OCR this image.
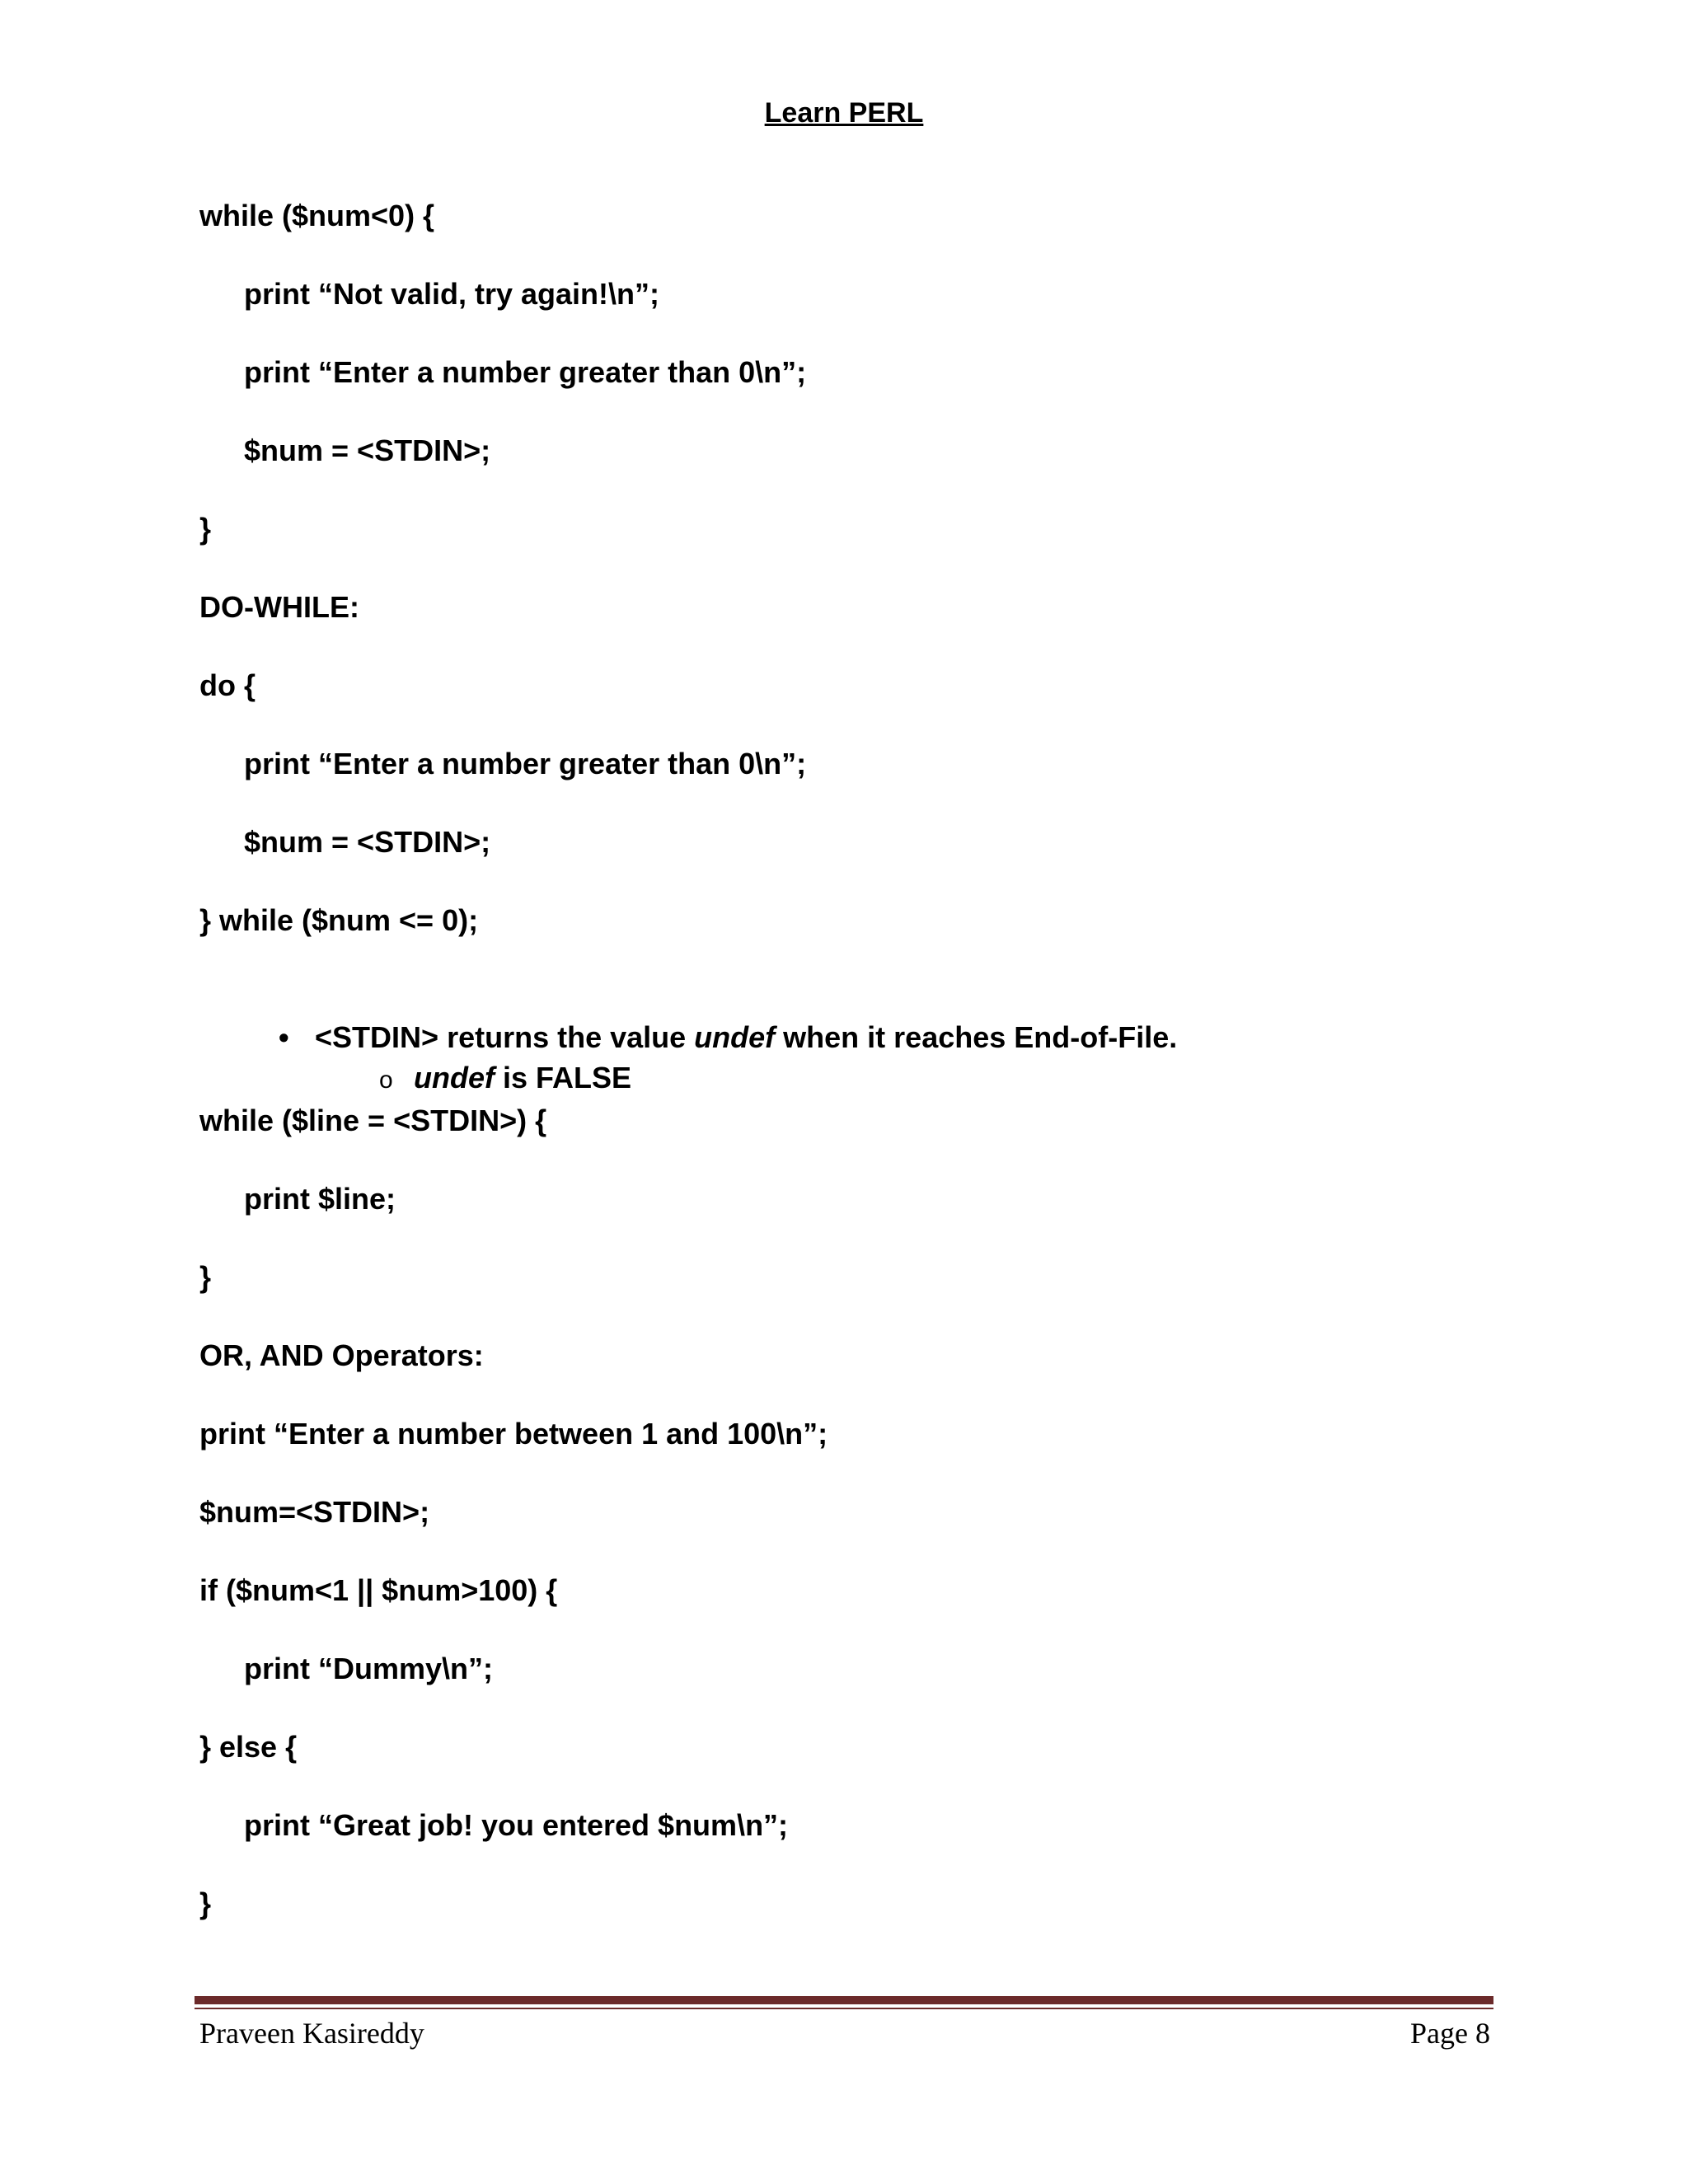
Learn PERL
while ($num<0) {
print “Not valid, try again!\n”;
print “Enter a number greater than 0\n”;
$num = <STDIN>;
}
DO-WHILE:
do {
print “Enter a number greater than 0\n”;
$num = <STDIN>;
} while ($num <= 0);

• <STDIN> returns the value undef when it reaches End-of-File.

o undef is FALSE

while ($line = <STDIN>) {
print $line;
}
OR, AND Operators:
print “Enter a number between 1 and 100\n”;
$num=<STDIN>;
if ($num<1 || $num>100) {
print “Dummy\n”;
} else {
print “Great job! you entered $num\n”;
}
Praveen Kasireddy	Page 8
